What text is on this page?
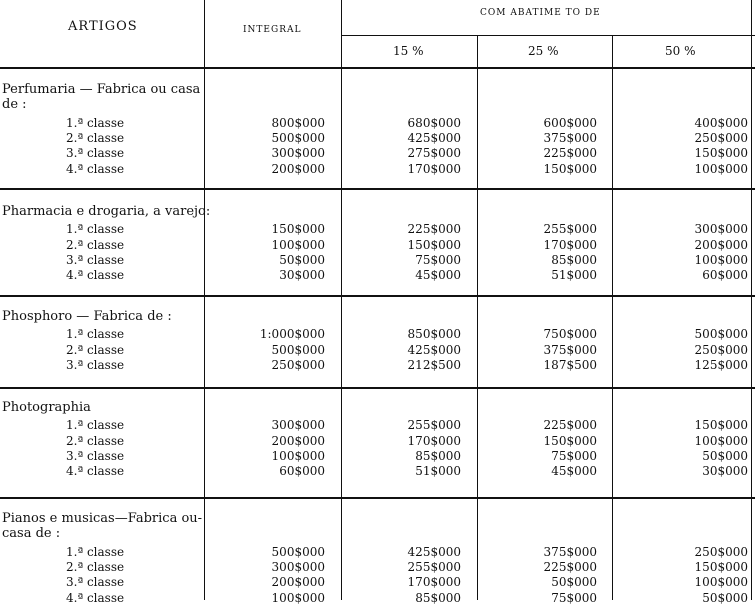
ARTIGOS	INTEGRAL
COM ABATIME TO DE
15 %	25 %	50 %
Perfumaria — Fabrica ou casa
de :
1.ª classe	800$000	680$000	600$000	400$000
2.ª classe	500$000	425$000	375$000	250$000
3.ª classe	300$000	275$000	225$000	150$000
4.ª classe	200$000	170$000	150$000	100$000
Pharmacia e drogaria, a varejo:
1.ª classe	150$000	225$000	255$000	300$000
2.ª classe	100$000	150$000	170$000	200$000
3.ª classe	50$000	75$000	85$000	100$000
4.ª classe	30$000	45$000	51$000	60$000
Phosphoro — Fabrica de :
1.ª classe	1:000$000	850$000	750$000	500$000
2.ª classe	500$000	425$000	375$000	250$000
3.ª classe	250$000	212$500	187$500	125$000
Photographia
1.ª classe	300$000	255$000	225$000	150$000
2.ª classe	200$000	170$000	150$000	100$000
3.ª classe	100$000	85$000	75$000	50$000
4.ª classe	60$000	51$000	45$000	30$000
Pianos e musicas—Fabrica ou-
casa de :
1.ª classe	500$000	425$000	375$000	250$000
2.ª classe	300$000	255$000	225$000	150$000
3.ª classe	200$000	170$000	50$000	100$000
4.ª classe	100$000	85$000	75$000	50$000
